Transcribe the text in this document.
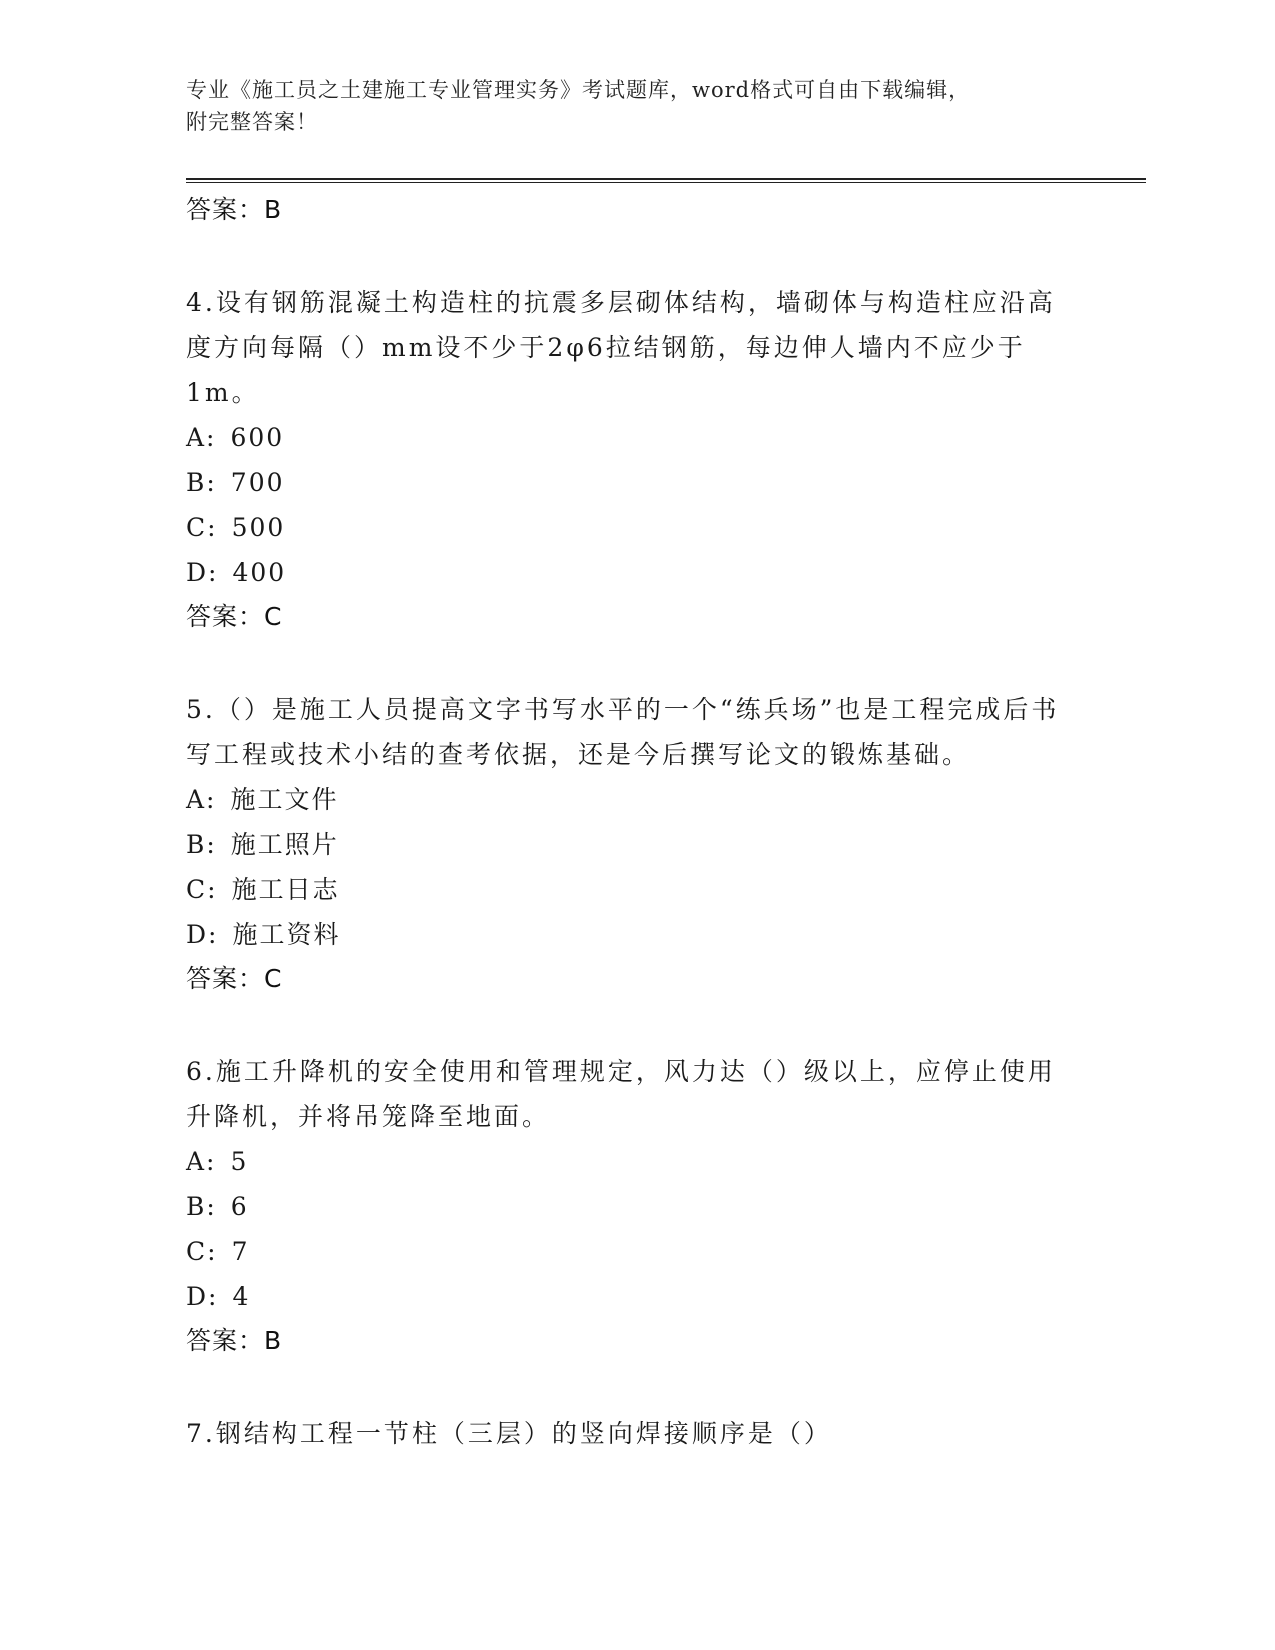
专业《施工员之土建施工专业管理实务》考试题库，word格式可自由下载编辑，
附完整答案！
答案：B
4.设有钢筋混凝土构造柱的抗震多层砌体结构，墙砌体与构造柱应沿高度方向每隔（）mm设不少于2φ6拉结钢筋，每边伸人墙内不应少于1m。
A: 600
B: 700
C: 500
D: 400
答案：C
5.（）是施工人员提高文字书写水平的一个“练兵场”也是工程完成后书写工程或技术小结的查考依据，还是今后撰写论文的锻炼基础。
A: 施工文件
B: 施工照片
C: 施工日志
D: 施工资料
答案：C
6.施工升降机的安全使用和管理规定，风力达（）级以上，应停止使用升降机，并将吊笼降至地面。
A: 5
B: 6
C: 7
D: 4
答案：B
7.钢结构工程一节柱（三层）的竖向焊接顺序是（）
